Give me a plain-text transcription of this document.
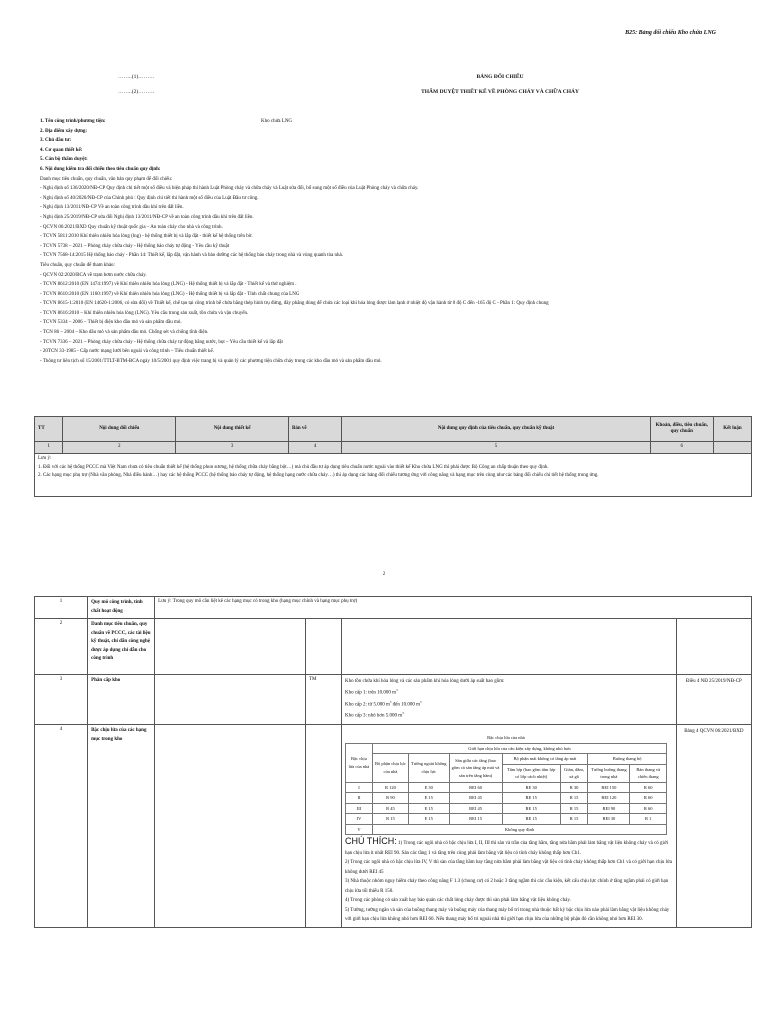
B25: Bảng đối chiếu Kho chứa LNG
……..(1)………
……..(2)………
BẢNG ĐỐI CHIẾU
THẨM DUYỆT THIẾT KẾ VỀ PHÒNG CHÁY VÀ CHỮA CHÁY
1. Tên công trình/phương tiện:	Kho chứa LNG
2. Địa điểm xây dựng:
3. Chủ đầu tư:
4. Cơ quan thiết kế:
5. Cán bộ thẩm duyệt:
6. Nội dung kiểm tra đối chiếu theo tiêu chuẩn quy định:
Danh mục tiêu chuẩn, quy chuẩn, văn bản quy phạm để đối chiếu:
- Nghị định số 136/2020/NĐ-CP Quy định chi tiết một số điều và biện pháp thi hành Luật Phòng cháy và chữa cháy và Luật sửa đổi, bổ sung một số điều của Luật Phòng cháy và chữa cháy.
- Nghị định số 40/2020/NĐ-CP của Chính phủ : Quy định chi tiết thi hành một số điều của Luật Đầu tư công.
- Nghị định 13/2011/NĐ-CP Về an toàn công trình dầu khí trên đất liền.
- Nghị định 25/2019/NĐ-CP sửa đổi Nghị định 13/2011/NĐ-CP về an toàn công trình dầu khí trên đất liền.
- QCVN 06:2021/BXD Quy chuẩn kỹ thuật quốc gia – An toàn cháy cho nhà và công trình.
- TCVN 5811:2010 Khí thiên nhiên hóa lỏng (lng) - hệ thống thiết bị và lắp đặt - thiết kế hệ thống trên bờ.
- TCVN 5738 – 2021 – Phòng cháy chữa cháy - Hệ thống báo cháy tự động - Yêu cầu kỹ thuật
- TCVN 7568-14:2015 Hệ thống báo cháy - Phần 14: Thiết kế, lắp đặt, vận hành và bảo dưỡng các hệ thống báo cháy trong nhà và vùng quanh tòa nhà.
Tiêu chuẩn, quy chuẩn để tham khảo:
- QCVN 02:2020/BCA về trạm bơm nước chữa cháy.
- TCVN 8612:2010 (EN 1474:1997) về Khí thiên nhiên hóa lỏng (LNG) - Hệ thống thiết bị và lắp đặt - Thiết kế và thử nghiệm .
- TCVN 8610:2010 (EN 1160:1997) về Khí thiên nhiên hóa lỏng (LNG) - Hệ thống thiết bị và lắp đặt - Tính chất chung của LNG
- TCVN 8615-1:2010 (EN 14620-1:2006, có sửa đổi) về Thiết kế, chế tạo tại công trình bể chứa bằng thép hình trụ đứng, đáy phẳng dùng để chứa các loại khí hóa lỏng được làm lạnh ở nhiệt độ vận hành từ 0 độ C đến -165 độ C - Phần 1: Quy định chung
- TCVN 8616:2010 – Khí thiên nhiên hóa lỏng (LNG). Yêu cầu trong sản xuất, tồn chứa và vận chuyển.
- TCVN 5334 – 2006 – Thiết bị điện kho dầu mỏ và sản phẩm dầu mỏ.
- TCN 86 – 2004 – Kho dầu mỏ và sản phẩm dầu mỏ. Chống sét và chống tĩnh điện.
- TCVN 7336 – 2021 – Phòng cháy chữa cháy - Hệ thống chữa cháy tự động bằng nước, bọt – Yêu cầu thiết kế và lắp đặt
- 20TCN 33-1985 - Cấp nước mạng lưới bên ngoài và công trình – Tiêu chuẩn thiết kế.
- Thông tư liên tịch số 15/2001/TTLT-BTM-BCA ngày 10/5/2001 quy định việc trang bị và quản lý các phương tiện chữa cháy trong các kho dầu mỏ và sản phẩm dầu mỏ.
TT	Nội dung đối chiếu	Nội dung thiết kế	Bản vẽ	Nội dung quy định của tiêu chuẩn, quy chuẩn kỹ thuật	Khoản, điều, tiêu chuẩn, quy chuẩn	Kết luận
1	2	3	4	5	6	

Lưu ý:
1. Đối với các hệ thống PCCC mà Việt Nam chưa có tiêu chuẩn thiết kế (hệ thống phun sương, hệ thống chữa cháy bằng bột…) mà chủ đầu tư áp dụng tiêu chuẩn nước ngoài vào thiết kế Kho chứa LNG thì phải được Bộ Công an chấp thuận theo quy định.
2. Các hạng mục phụ trợ (Nhà văn phòng, Nhà điều hành…) hay các hệ thống PCCC (hệ thống báo cháy tự động, hệ thống hạng nước chữa cháy…) thì áp dụng các bảng đối chiếu tương ứng với công năng và hạng mục trên cùng như các bảng đối chiếu chi tiết hệ thống trong ứng.						
2
1	Quy mô công trình, tính chất hoạt động	Lưu ý: Trong quy mô cần liệt kê các hạng mục có trong kho (hạng mục chính và hạng mục phụ trợ)
2	Danh mục tiêu chuẩn, quy chuẩn về PCCC, các tài liệu kỹ thuật, chỉ dẫn công nghệ được áp dụng chỉ dẫn cho công trình				
3	Phân cấp kho		TM	Kho tồn chứa khí hóa lỏng và các sản phẩm khí hóa lỏng dưới áp suất bao gồm:
Kho cấp 1: trên 10.000 $m^3$
Kho cấp 2: từ 5.000 $m^3$ đến 10.000 $m^3$
Kho cấp 3: nhỏ hơn 5.000 $m^3$
	Điều 4 NĐ 25/2019/NĐ-CP
4	Bậc chịu lửa của các hạng mục trong kho				Bậc chịu lửa của nhà
Bậc chịu lửa của nhà	Giới hạn chịu lửa của cấu kiện xây dựng, không nhỏ hơn
Bộ phận chịu lực của nhà	Tường ngoài không chịu lực	Sàn giữa các tầng (bao gồm cả sàn tầng áp mái và sàn trên tầng hầm)	Bộ phận mái không có tầng áp mái	Buồng thang bộ
Tấm lợp (bao gồm tấm lợp có lớp cách nhiệt)	Giàn, dầm, xà gồ	Tường buồng thang trong nhà	Bản thang và chiếu thang
I	R 120	E 30	REI 60	RE 30	R 30	REI 150	R 60
II	R 90	E 15	REI 45	RE 15	R 15	REI 120	R 60
III	R 45	E 15	REI 45	RE 15	R 15	REI 90	R 60
IV	R 15	E 15	REI 15	RE 15	R 15	REI 30	R 1
V	Không quy định
CHÚ THÍCH: 1) Trong các ngôi nhà có bậc chịu lửa I, II, III thì sàn và trần của tầng hầm, tầng nửa hầm phải làm bằng vật liệu không cháy và có giới hạn chịu lửa ít nhất REI 90. Sàn các tầng 1 và tầng trên cùng phải làm bằng vật liệu có tính cháy không thấp hơn Ch1.
2) Trong các ngôi nhà có bậc chịu lửa IV, V thì sàn của tầng hầm hay tầng nửa hầm phải làm bằng vật liệu có tính cháy không thấp hơn Ch1 và có giới hạn chịu lửa không dưới REI 45
3) Nhà thuộc nhóm nguy hiểm cháy theo công năng F 1.3 (chung cư) có 2 hoặc 3 tầng ngầm thì các cầu kiện, kết cấu chịu lực chính ở tầng ngầm phải có giới hạn chịu lửa tối thiểu R 150.
4) Trong các phòng có sản xuất hay bảo quản các chất lỏng cháy được thì sàn phải làm bằng vật liệu không cháy.
5) Tường, tường ngăn và sàn của buồng thang máy và buồng máy của thang máy bố trí trong nhà thuộc bất kỳ bậc chịu lửa nào phải làm bằng vật liệu không cháy với giới hạn chịu lửa không nhỏ hơn REI 60. Nếu thang máy bố trí ngoài nhà thì giới hạn chịu lửa của những bộ phận đó cần không nhỏ hơn REI 30.
	Bảng 4 QCVN 06:2021/BXD
